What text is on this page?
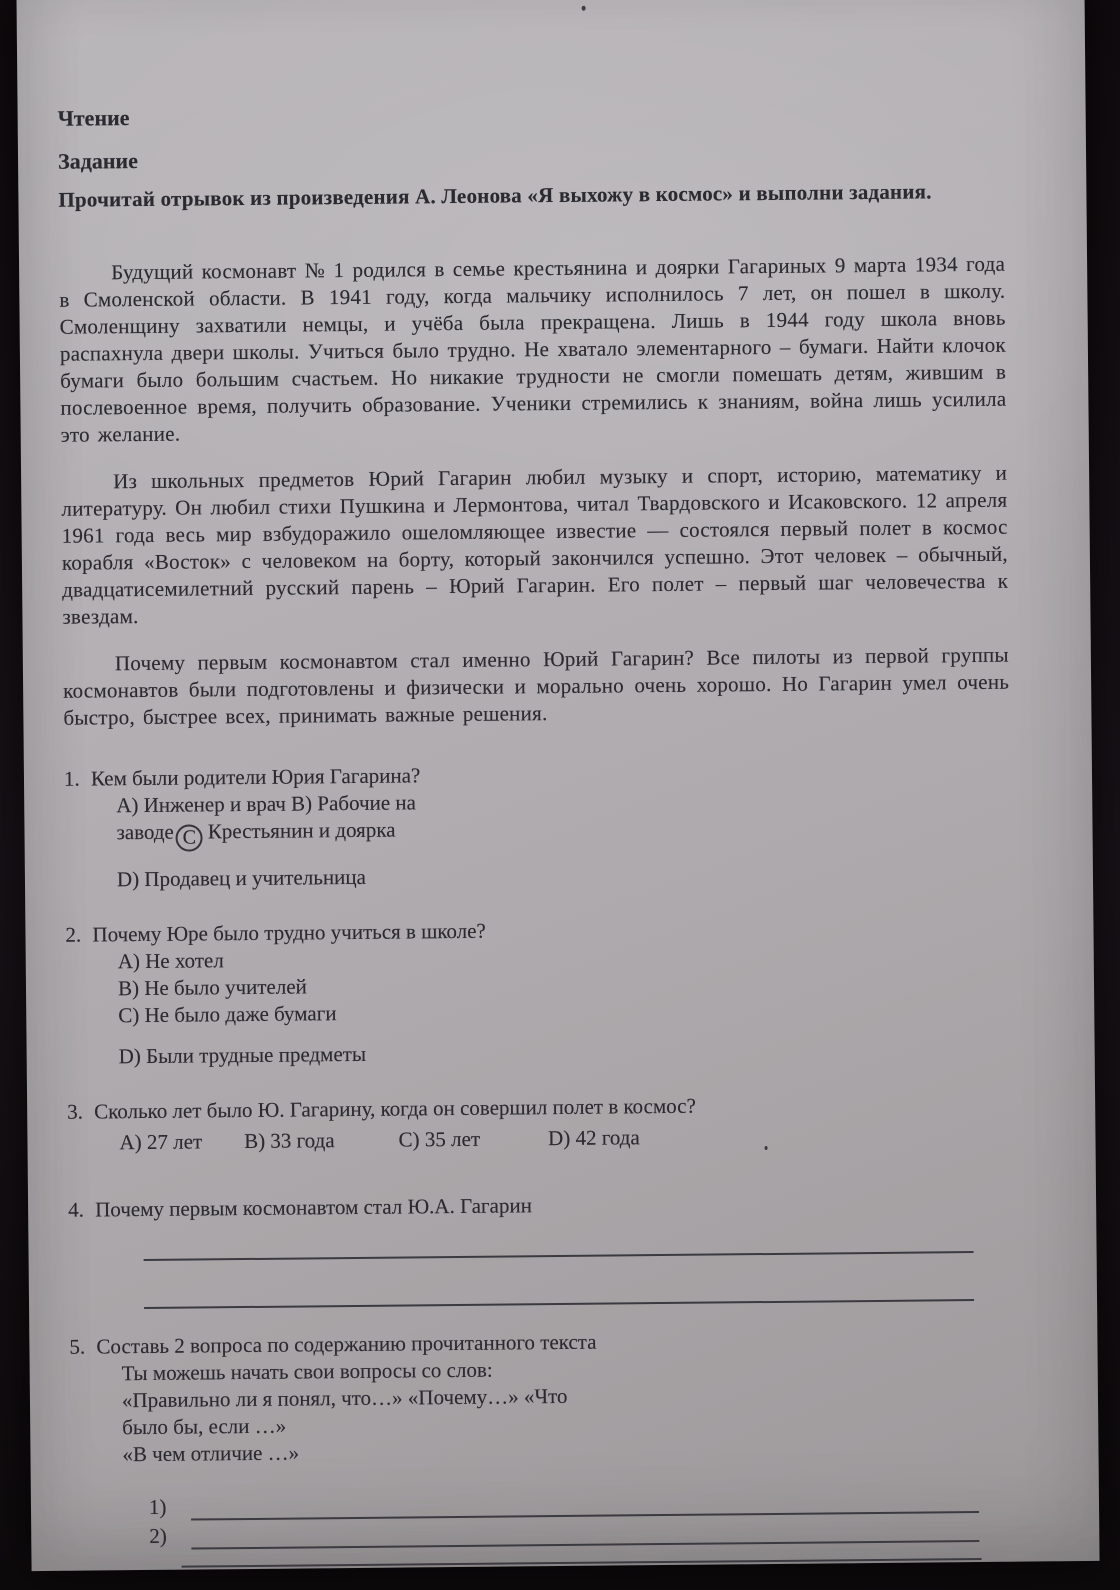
Чтение
Задание
Прочитай отрывок из произведения А. Леонова «Я выхожу в космос» и выполни задания.
Будущий космонавт № 1 родился в семье крестьянина и доярки Гагариных 9 марта 1934 года в Смоленской области. В 1941 году, когда мальчику исполнилось 7 лет, он пошел в школу. Смоленщину захватили немцы, и учёба была прекращена. Лишь в 1944 году школа вновь распахнула двери школы. Учиться было трудно. Не хватало элементарного – бумаги. Найти клочок бумаги было большим счастьем. Но никакие трудности не смогли помешать детям, жившим в послевоенное время, получить образование. Ученики стремились к знаниям, война лишь усилила это желание.
Из школьных предметов Юрий Гагарин любил музыку и спорт, историю, математику и литературу. Он любил стихи Пушкина и Лермонтова, читал Твардовского и Исаковского. 12 апреля 1961 года весь мир взбудоражило ошеломляющее известие — состоялся первый полет в космос корабля «Восток» с человеком на борту, который закончился успешно. Этот человек – обычный, двадцатисемилетний русский парень – Юрий Гагарин. Его полет – первый шаг человечества к звездам.
Почему первым космонавтом стал именно Юрий Гагарин? Все пилоты из первой группы космонавтов были подготовлены и физически и морально очень хорошо. Но Гагарин умел очень быстро, быстрее всех, принимать важные решения.
1. Кем были родители Юрия Гагарина?
А) Инженер и врач В) Рабочие на
заводе С Крестьянин и доярка
D) Продавец и учительница
2. Почему Юре было трудно учиться в школе?
А) Не хотел
В) Не было учителей
С) Не было даже бумаги
D) Были трудные предметы
3. Сколько лет было Ю. Гагарину, когда он совершил полет в космос?
А) 27 лет В) 33 года	С) 35 лет	D) 42 года
4. Почему первым космонавтом стал Ю.А. Гагарин
5. Составь 2 вопроса по содержанию прочитанного текста
Ты можешь начать свои вопросы со слов:
«Правильно ли я понял, что…» «Почему…» «Что
было бы, если …»
«В чем отличие …»
1)
2)
